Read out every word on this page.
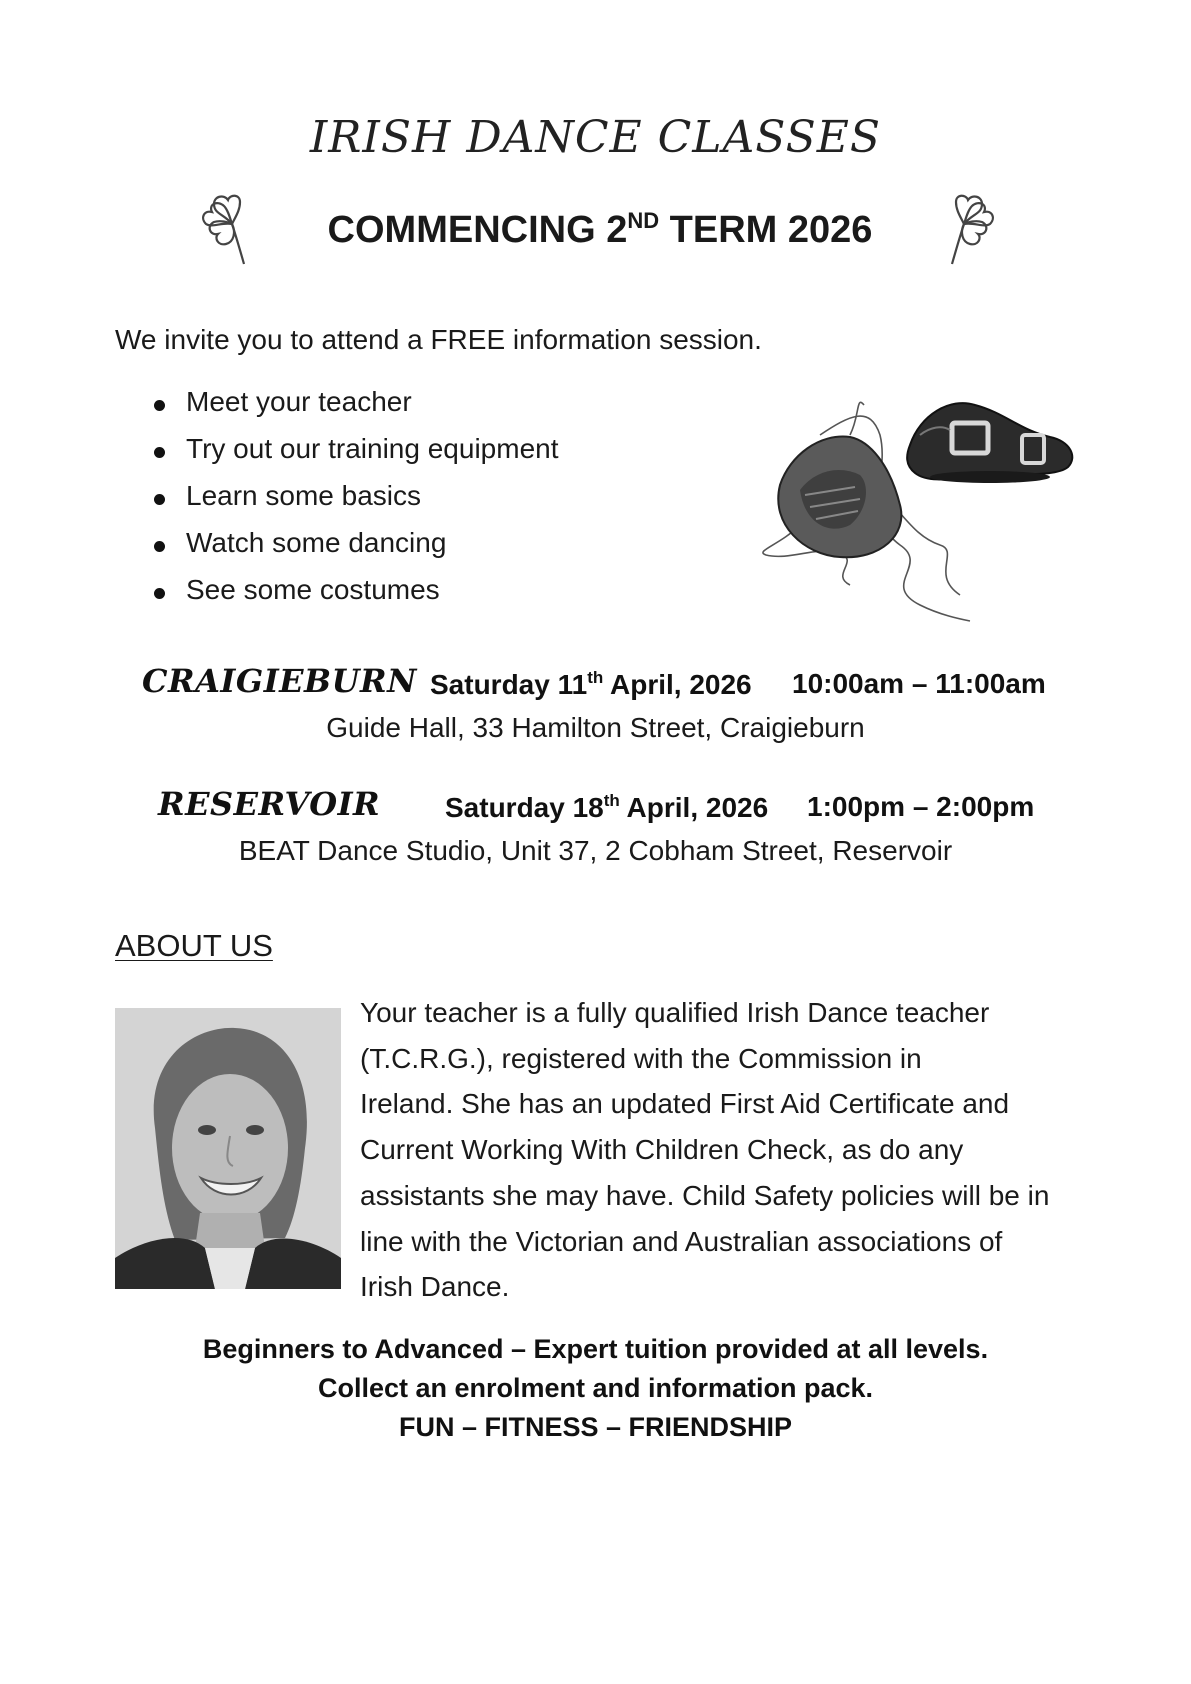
IRISH DANCE CLASSES
COMMENCING 2ND TERM 2026
We invite you to attend a FREE information session.
Meet your teacher
Try out our training equipment
Learn some basics
Watch some dancing
See some costumes
CRAIGIEBURN Saturday 11th April, 2026 10:00am – 11:00am
Guide Hall, 33 Hamilton Street, Craigieburn
RESERVOIR Saturday 18th April, 2026 1:00pm – 2:00pm
BEAT Dance Studio, Unit 37, 2 Cobham Street, Reservoir
ABOUT US

Your teacher is a fully qualified Irish Dance teacher

(T.C.R.G.), registered with the Commission in

Ireland. She has an updated First Aid Certificate and

Current Working With Children Check, as do any

assistants she may have. Child Safety policies will be in

line with the Victorian and Australian associations of

Irish Dance.

Beginners to Advanced – Expert tuition provided at all levels.
Collect an enrolment and information pack.
FUN – FITNESS – FRIENDSHIP
